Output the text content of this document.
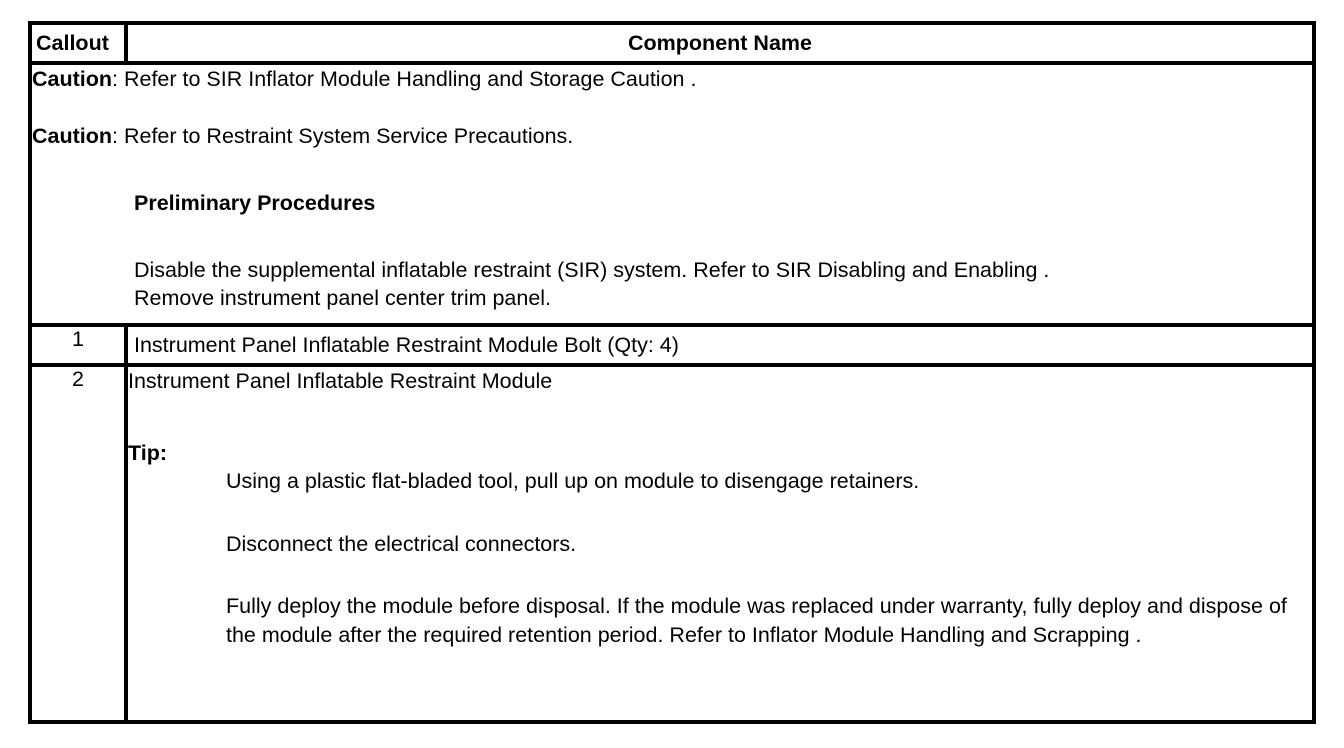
Callout	Component Name

Caution: Refer to SIR Inflator Module Handling and Storage Caution .
Caution: Refer to Restraint System Service Precautions.
Preliminary Procedures
Disable the supplemental inflatable restraint (SIR) system. Refer to SIR Disabling and Enabling .
Remove instrument panel center trim panel.	

1	Instrument Panel Inflatable Restraint Module Bolt (Qty: 4)
2	Instrument Panel Inflatable Restraint Module
Tip:
Using a plastic flat-bladed tool, pull up on module to disengage retainers.
Disconnect the electrical connectors.
Fully deploy the module before disposal. If the module was replaced under warranty, fully deploy and dispose of the module after the required retention period. Refer to Inflator Module Handling and Scrapping .
